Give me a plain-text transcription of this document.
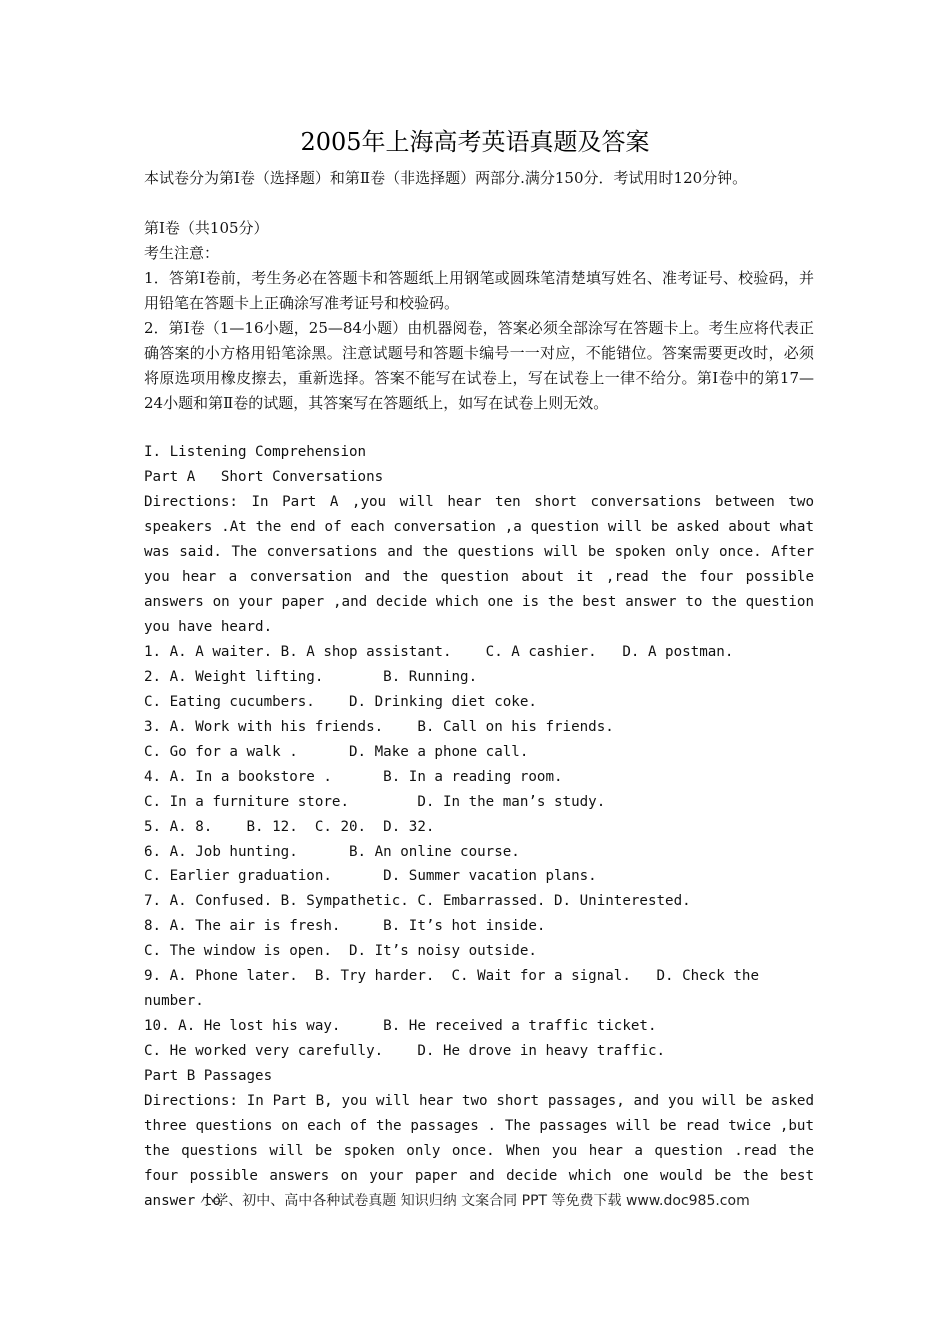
2005年上海高考英语真题及答案
本试卷分为第Ⅰ卷（选择题）和第Ⅱ卷（非选择题）两部分.满分150分．考试用时120分钟。
第Ⅰ卷（共105分）
考生注意：
1．答第Ⅰ卷前，考生务必在答题卡和答题纸上用钢笔或圆珠笔清楚填写姓名、准考证号、校验码，并用铅笔在答题卡上正确涂写准考证号和校验码。
2．第Ⅰ卷（1—16小题，25—84小题）由机器阅卷，答案必须全部涂写在答题卡上。考生应将代表正确答案的小方格用铅笔涂黑。注意试题号和答题卡编号一一对应，不能错位。答案需要更改时，必须将原选项用橡皮擦去，重新选择。答案不能写在试卷上，写在试卷上一律不给分。第Ⅰ卷中的第17—24小题和第Ⅱ卷的试题，其答案写在答题纸上，如写在试卷上则无效。
I. Listening Comprehension
Part A   Short Conversations
Directions: In Part A ,you will hear ten short conversations between two speakers .At the end of each conversation ,a question will be asked about what was said. The conversations and the questions will be spoken only once. After you hear a conversation and the question about it ,read the four possible answers on your paper ,and decide which one is the best answer to the question you have heard.
1. A. A waiter. B. A shop assistant.    C. A cashier.   D. A postman.
2. A. Weight lifting.       B. Running.
C. Eating cucumbers.    D. Drinking diet coke.
3. A. Work with his friends.    B. Call on his friends.
C. Go for a walk .      D. Make a phone call.
4. A. In a bookstore .      B. In a reading room.
C. In a furniture store.        D. In the man’s study.
5. A. 8.    B. 12.  C. 20.  D. 32.
6. A. Job hunting.      B. An online course.
C. Earlier graduation.      D. Summer vacation plans.
7. A. Confused. B. Sympathetic. C. Embarrassed. D. Uninterested.
8. A. The air is fresh.     B. It’s hot inside.
C. The window is open.  D. It’s noisy outside.
9. A. Phone later.  B. Try harder.  C. Wait for a signal.   D. Check the
number.
10. A. He lost his way.     B. He received a traffic ticket.
C. He worked very carefully.    D. He drove in heavy traffic.
Part B Passages
Directions: In Part B, you will hear two short passages, and you will be asked three questions on each of the passages . The passages will be read twice ,but the questions will be spoken only once. When you hear a question .read the four possible answers on your paper and decide which one would be the best answer to
小学、初中、高中各种试卷真题 知识归纳 文案合同 PPT 等免费下载 www.doc985.com
